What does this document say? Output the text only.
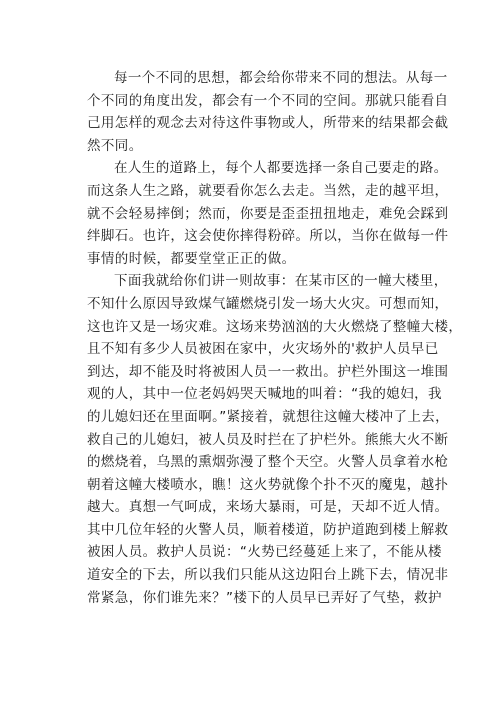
每一个不同的思想，都会给你带来不同的想法。从每一
个不同的角度出发，都会有一个不同的空间。那就只能看自
己用怎样的观念去对待这件事物或人，所带来的结果都会截
然不同。
在人生的道路上，每个人都要选择一条自己要走的路。
而这条人生之路，就要看你怎么去走。当然，走的越平坦，
就不会轻易摔倒；然而，你要是歪歪扭扭地走，难免会踩到
绊脚石。也许，这会使你摔得粉碎。所以，当你在做每一件
事情的时候，都要堂堂正正的做。
下面我就给你们讲一则故事：在某市区的一幢大楼里，
不知什么原因导致煤气罐燃烧引发一场大火灾。可想而知，
这也许又是一场灾难。这场来势汹汹的大火燃烧了整幢大楼，
且不知有多少人员被困在家中，火灾场外的'救护人员早已
到达，却不能及时将被困人员一一救出。护栏外围这一堆围
观的人，其中一位老妈妈哭天喊地的叫着：“我的媳妇，我
的儿媳妇还在里面啊。”紧接着，就想往这幢大楼冲了上去，
救自己的儿媳妇，被人员及时拦在了护栏外。熊熊大火不断
的燃烧着，乌黑的熏烟弥漫了整个天空。火警人员拿着水枪
朝着这幢大楼喷水，瞧！这火势就像个扑不灭的魔鬼，越扑
越大。真想一气呵成，来场大暴雨，可是，天却不近人情。
其中几位年轻的火警人员，顺着楼道，防护道跑到楼上解救
被困人员。救护人员说：“火势已经蔓延上来了，不能从楼
道安全的下去，所以我们只能从这边阳台上跳下去，情况非
常紧急，你们谁先来？”楼下的人员早已弄好了气垫，救护
